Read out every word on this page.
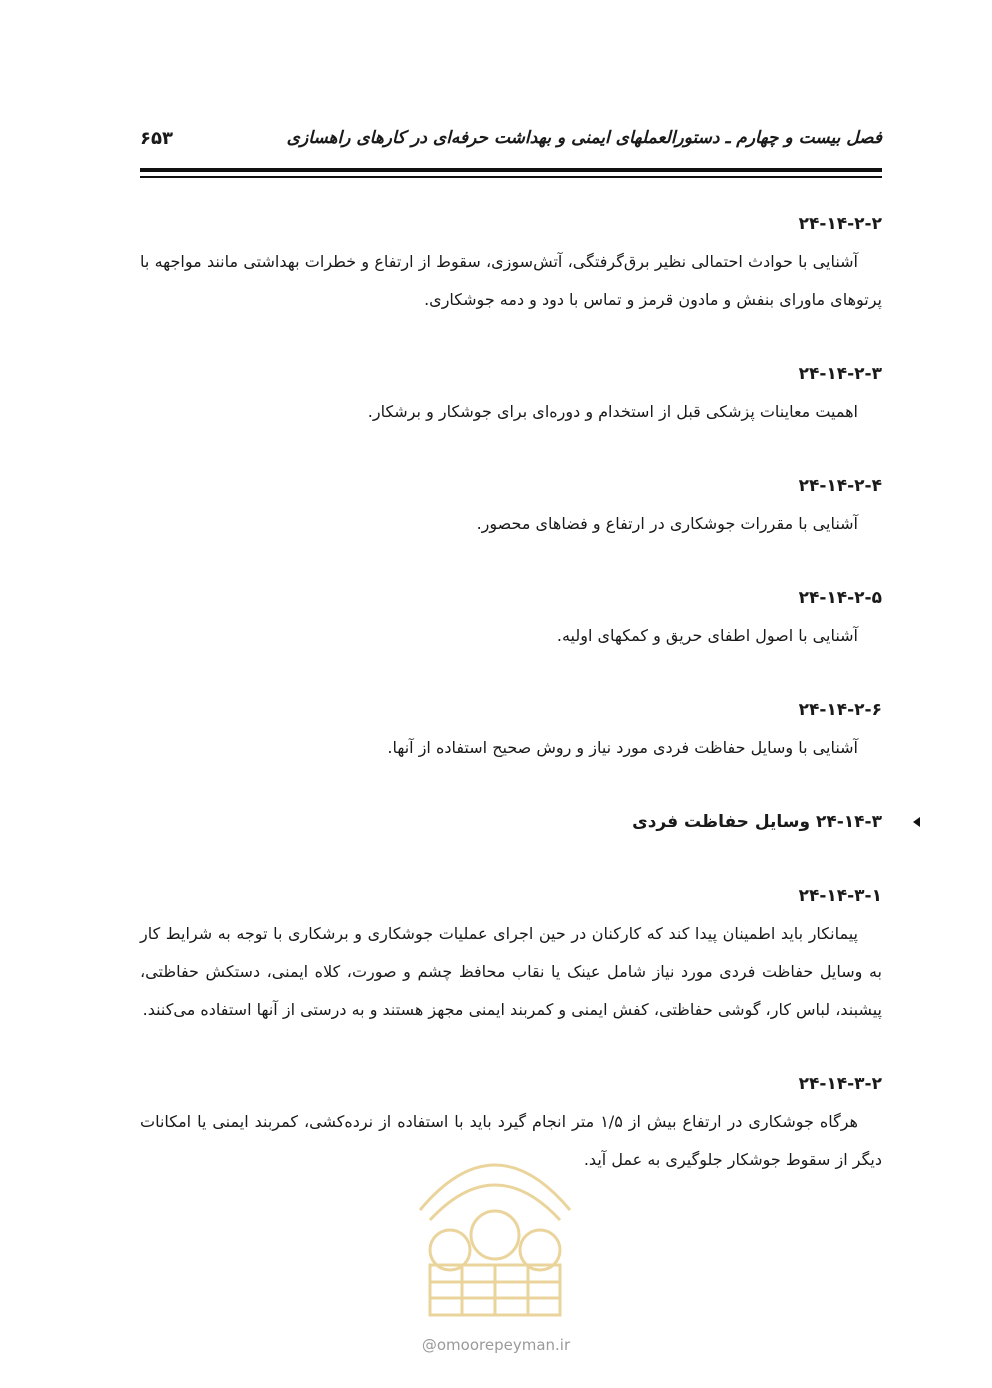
فصل بیست و چهارم ـ دستورالعملهای ایمنی و بهداشت حرفه‌ای در کارهای راهسازی
۶۵۳
۲۴-۱۴-۲-۲

آشنایی با حوادث احتمالی نظیر برق‌گرفتگی، آتش‌سوزی، سقوط از ارتفاع و خطرات بهداشتی مانند مواجهه با پرتوهای ماورای بنفش و مادون قرمز و تماس با دود و دمه جوشکاری.

۲۴-۱۴-۲-۳

اهمیت معاینات پزشکی قبل از استخدام و دوره‌ای برای جوشکار و برشکار.

۲۴-۱۴-۲-۴

آشنایی با مقررات جوشکاری در ارتفاع و فضاهای محصور.

۲۴-۱۴-۲-۵

آشنایی با اصول اطفای حریق و کمکهای اولیه.

۲۴-۱۴-۲-۶

آشنایی با وسایل حفاظت فردی مورد نیاز و روش صحیح استفاده از آنها.

۲۴-۱۴-۳ وسایل حفاظت فردی
۲۴-۱۴-۳-۱

پیمانکار باید اطمینان پیدا کند که کارکنان در حین اجرای عملیات جوشکاری و برشکاری با توجه به شرایط کار به وسایل حفاظت فردی مورد نیاز شامل عینک یا نقاب محافظ چشم و صورت، کلاه ایمنی، دستکش حفاظتی، پیشبند، لباس کار، گوشی حفاظتی، کفش ایمنی و کمربند ایمنی مجهز هستند و به درستی از آنها استفاده می‌کنند.

۲۴-۱۴-۳-۲

هرگاه جوشکاری در ارتفاع بیش از ۱/۵ متر انجام گیرد باید با استفاده از نرده‌کشی، کمربند ایمنی یا امکانات دیگر از سقوط جوشکار جلوگیری به عمل آید.

@omoorepeyman.ir
